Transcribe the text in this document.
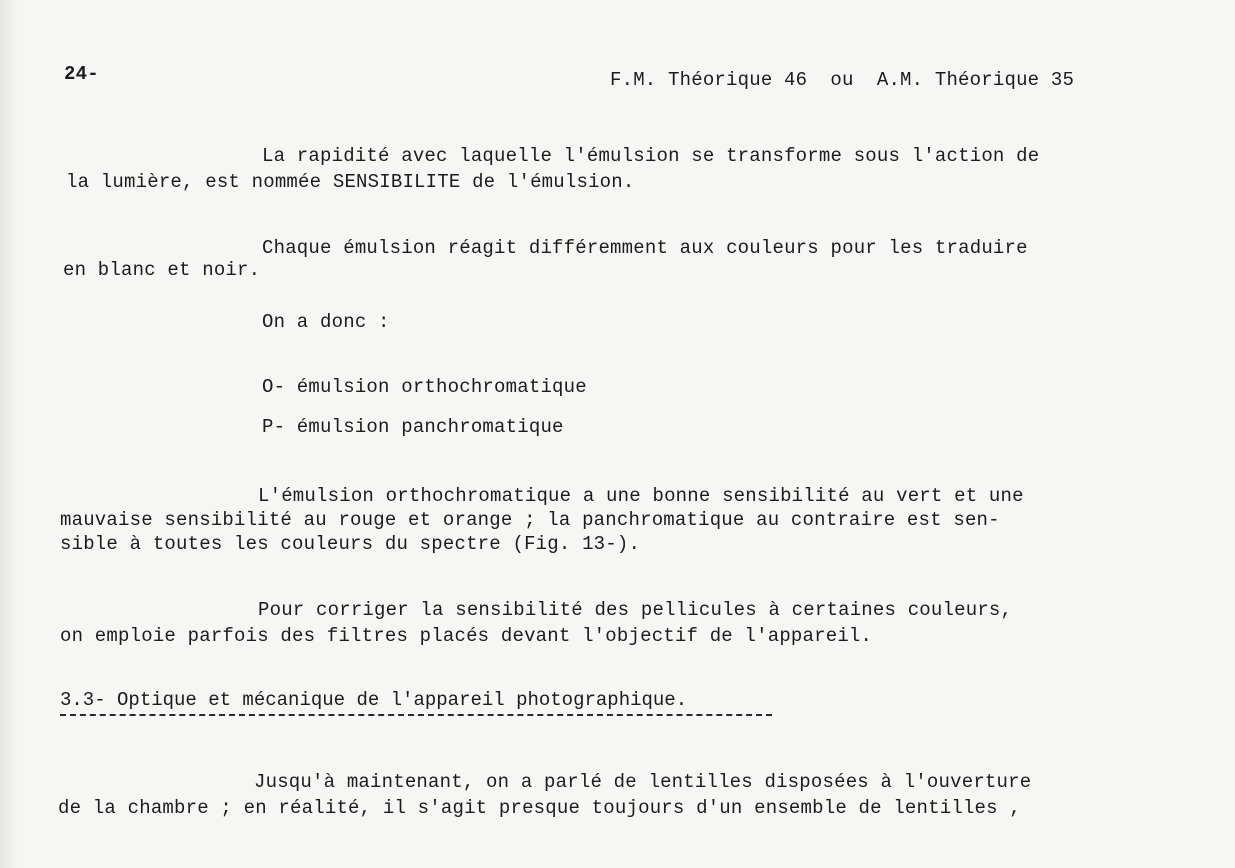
24-	F.M. Théorique 46  ou  A.M. Théorique 35
La rapidité avec laquelle l'émulsion se transforme sous l'action de
la lumière, est nommée SENSIBILITE de l'émulsion.
Chaque émulsion réagit différemment aux couleurs pour les traduire
en blanc et noir.
On a donc :
O- émulsion orthochromatique
P- émulsion panchromatique
L'émulsion orthochromatique a une bonne sensibilité au vert et une
mauvaise sensibilité au rouge et orange ; la panchromatique au contraire est sen-
sible à toutes les couleurs du spectre (Fig. 13-).
Pour corriger la sensibilité des pellicules à certaines couleurs,
on emploie parfois des filtres placés devant l'objectif de l'appareil.
3.3- Optique et mécanique de l'appareil photographique.
Jusqu'à maintenant, on a parlé de lentilles disposées à l'ouverture
de la chambre ; en réalité, il s'agit presque toujours d'un ensemble de lentilles ,
